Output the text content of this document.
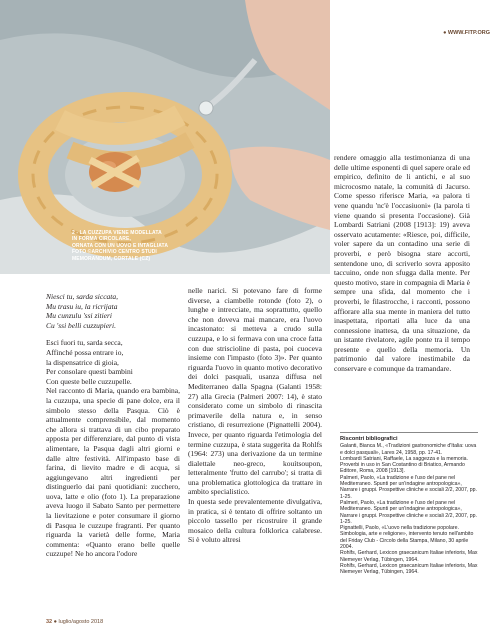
2 - LA CUZZUPA VIENE MODELLATA
IN FORMA CIRCOLARE,
ORNATA CON UN UOVO E INTAGLIATA
FOTO ©ARCHIVIO CENTRO STUDI
MEMORANDUM, CORTALE (CZ)
● WWW.FITP.ORG
Niesci tu, sarda siccata,
Mu trasu iu, la ricrijata
Mu cunzulu 'ssi zitieri
Cu 'ssi belli cuzzupieri.
Esci fuori tu, sarda secca,
Affinché possa entrare io,
la dispensatrice di gioia,
Per consolare questi bambini
Con queste belle cuzzupelle.

Nel racconto di Maria, quando era bambina, la cuzzupa, una specie di pane dolce, era il simbolo stesso della Pasqua. Ciò è attualmente comprensibile, dal momento che allora si trattava di un cibo preparato apposta per differenziare, dal punto di vista alimentare, la Pasqua dagli altri giorni e dalle altre festività. All'impasto base di farina, di lievito madre e di acqua, si aggiungevano altri ingredienti per distinguerlo dai pani quotidiani: zucchero, uova, latte e olio (foto 1). La preparazione aveva luogo il Sabato Santo per permettere la lievitazione e poter consumare il giorno di Pasqua le cuzzupe fragranti. Per quanto riguarda la varietà delle forme, Maria commenta: «Quanto erano belle quelle cuzzupe! Ne ho ancora l'odore

nelle narici. Si potevano fare di forme diverse, a ciambelle rotonde (foto 2), o lunghe e intrecciate, ma soprattutto, quello che non doveva mai mancare, era l'uovo incastonato: si metteva a crudo sulla cuzzupa, e lo si fermava con una croce fatta con due striscioline di pasta, poi cuoceva insieme con l'impasto (foto 3)». Per quanto riguarda l'uovo in quanto motivo decorativo dei dolci pasquali, usanza diffusa nel Mediterraneo dalla Spagna (Galanti 1958: 27) alla Grecia (Palmeri 2007: 14), è stato considerato come un simbolo di rinascita primaverile della natura e, in senso cristiano, di resurrezione (Pignattelli 2004). Invece, per quanto riguarda l'etimologia del termine cuzzupa, è stata suggerita da Rohlfs (1964: 273) una derivazione da un termine dialettale neo-greco, kouítsoupon, letteralmente 'frutto del carrubo'; si tratta di una problematica glottologica da trattare in ambito specialistico.

In questa sede prevalentemente divulgativa, in pratica, si è tentato di offrire soltanto un piccolo tassello per ricostruire il grande mosaico della cultura folklorica calabrese. Si è voluto altresi

rendere omaggio alla testimonianza di una delle ultime esponenti di quel sapere orale ed empirico, definito de li antichi, e al suo microcosmo natale, la comunità di Jacurso. Come spesso riferisce Maria, «a palora ti vene quandu 'nc'è l'occasiuoni» (la parola ti viene quando si presenta l'occasione). Già Lombardi Satriani (2008 [1913]: 19) aveva osservato acutamente: «Riesce, poi, difficile, voler sapere da un contadino una serie di proverbi, e però bisogna stare accorti, sentendone uno, di scriverlo sovra apposito taccuino, onde non sfugga dalla mente. Per questo motivo, stare in compagnia di Maria è sempre una sfida, dal momento che i proverbi, le filastrocche, i racconti, possono affiorare alla sua mente in maniera del tutto inaspettata, riportati alla luce da una connessione inattesa, da una situazione, da un istante rivelatore, agile ponte tra il tempo presente e quello della memoria. Un patrimonio dal valore inestimabile da conservare e comunque da tramandare.

Riscontri bibliografici

Galanti, Bianca M., «Tradizioni gastronomiche d'Italia: uova e dolci pasquali», Lares 24, 1958, pp. 17-41.

Lombardi Satriani, Raffaele, La saggezza e la memoria. Proverbi in uso in San Costantino di Briatico, Armando Editore, Roma, 2008 [1913].

Palmeri, Paolo, «La tradizione e l'uso del pane nel Mediterraneo. Spunti per un'indagine antropologica», Narrare i gruppi. Prospettive cliniche e sociali 2/2, 2007, pp. 1-25.

Palmeri, Paolo, «La tradizione e l'uso del pane nel Mediterraneo. Spunti per un'indagine antropologica», Narrare i gruppi. Prospettive cliniche e sociali 2/2, 2007, pp. 1-25.

Pignattelli, Paolo, «L'uovo nella tradizione popolare. Simbologia, arte e religione», intervento tenuto nell'ambito del Friday Club - Circolo della Stampa, Milano, 30 aprile 2004.

Rohlfs, Gerhard, Lexicon graecanicum Italiae inferioris, Max Niemeyer Verlag, Tübingen, 1964.

Rohlfs, Gerhard, Lexicon graecanicum Italiae inferioris, Max Niemeyer Verlag, Tübingen, 1964.

32 ● luglio/agosto 2018
